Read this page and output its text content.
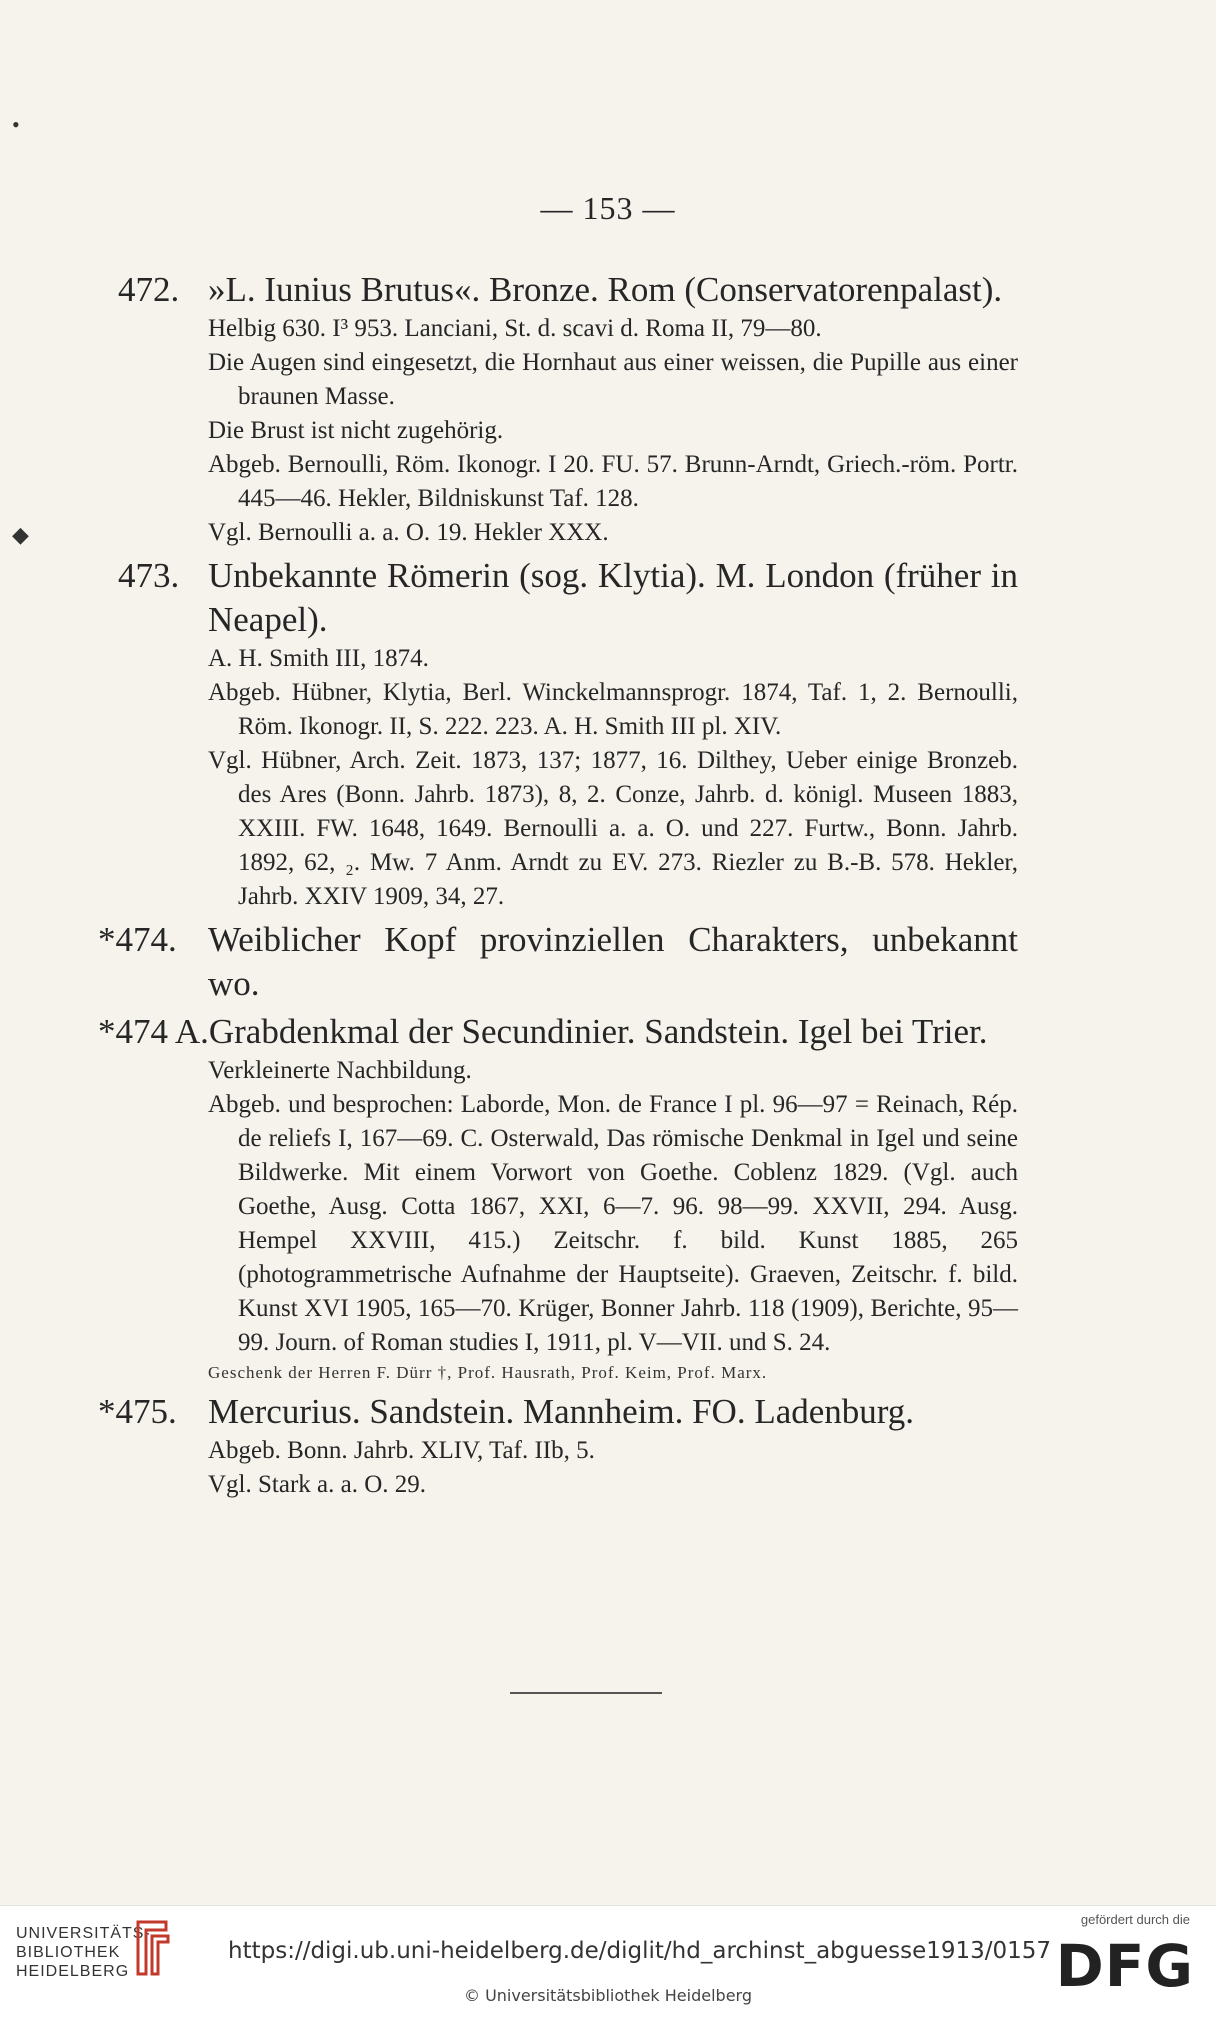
— 153 —
472. »L. Iunius Brutus«. Bronze. Rom (Conservatorenpalast).
Helbig 630. I³ 953. Lanciani, St. d. scavi d. Roma II, 79—80.
Die Augen sind eingesetzt, die Hornhaut aus einer weissen, die Pupille aus einer braunen Masse.
Die Brust ist nicht zugehörig.
Abgeb. Bernoulli, Röm. Ikonogr. I 20. FU. 57. Brunn-Arndt, Griech.-röm. Portr. 445—46. Hekler, Bildniskunst Taf. 128.
Vgl. Bernoulli a. a. O. 19. Hekler XXX.
473. Unbekannte Römerin (sog. Klytia). M. London (früher in Neapel).
A. H. Smith III, 1874.
Abgeb. Hübner, Klytia, Berl. Winckelmannsprogr. 1874, Taf. 1, 2. Bernoulli, Röm. Ikonogr. II, S. 222. 223. A. H. Smith III pl. XIV.
Vgl. Hübner, Arch. Zeit. 1873, 137; 1877, 16. Dilthey, Ueber einige Bronzeb. des Ares (Bonn. Jahrb. 1873), 8, 2. Conze, Jahrb. d. königl. Museen 1883, XXIII. FW. 1648, 1649. Bernoulli a. a. O. und 227. Furtw., Bonn. Jahrb. 1892, 62, ₂. Mw. 7 Anm. Arndt zu EV. 273. Riezler zu B.-B. 578. Hekler, Jahrb. XXIV 1909, 34, 27.
*474. Weiblicher Kopf provinziellen Charakters, unbekannt wo.
*474 A.Grabdenkmal der Secundinier. Sandstein. Igel bei Trier.
Verkleinerte Nachbildung.
Abgeb. und besprochen: Laborde, Mon. de France I pl. 96—97 = Reinach, Rép. de reliefs I, 167—69. C. Osterwald, Das römische Denkmal in Igel und seine Bildwerke. Mit einem Vorwort von Goethe. Coblenz 1829. (Vgl. auch Goethe, Ausg. Cotta 1867, XXI, 6—7. 96. 98—99. XXVII, 294. Ausg. Hempel XXVIII, 415.) Zeitschr. f. bild. Kunst 1885, 265 (photogrammetrische Aufnahme der Hauptseite). Graeven, Zeitschr. f. bild. Kunst XVI 1905, 165—70. Krüger, Bonner Jahrb. 118 (1909), Berichte, 95—99. Journ. of Roman studies I, 1911, pl. V—VII. und S. 24.
Geschenk der Herren F. Dürr †, Prof. Hausrath, Prof. Keim, Prof. Marx.
*475. Mercurius. Sandstein. Mannheim. FO. Ladenburg.
Abgeb. Bonn. Jahrb. XLIV, Taf. IIb, 5.
Vgl. Stark a. a. O. 29.
•
◆
UNIVERSITÄTS-
BIBLIOTHEK
HEIDELBERG
https://digi.ub.uni-heidelberg.de/diglit/hd_archinst_abguesse1913/0157
© Universitätsbibliothek Heidelberg
gefördert durch die
DFG
